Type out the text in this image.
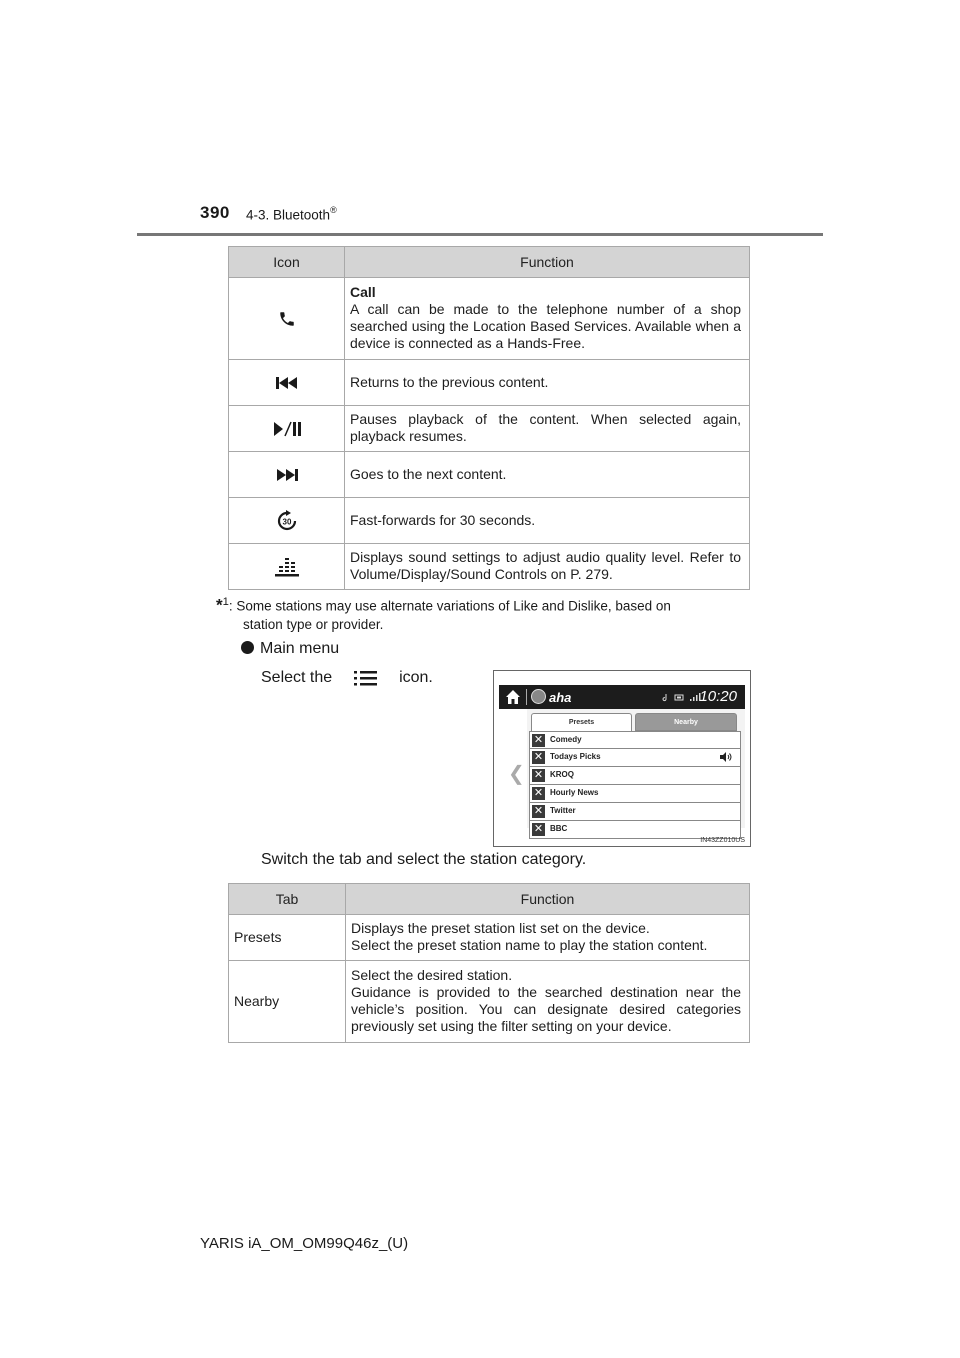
390 4-3. Bluetooth®
Icon	Function

Call
A call can be made to the telephone number of a shop searched using the Location Based Services. Available when a device is connected as a Hands-Free.

Returns to the previous content.

Pauses playback of the content. When selected again, playback resumes.

Goes to the next content.

30	Fast-forwards for 30 seconds.

Displays sound settings to adjust audio quality level. Refer to Volume/Display/Sound Controls on P. 279.
*$^1$: Some stations may use alternate variations of Like and Dislike, based on
station type or provider.
Main menu
Select the	icon.
aha	10:20
❮
Presets	Nearby
✕ Comedy
✕ Todays Picks
✕ KROQ
✕ Hourly News
✕ Twitter
✕ BBC
IN43ZZ010US
Switch the tab and select the station category.
Tab	Function
Presets	Displays the preset station list set on the device.
Select the preset station name to play the station content.

Nearby	Select the desired station.
Guidance is provided to the searched destination near the vehicle’s position. You can designate desired categories previously set using the filter setting on your device.
YARIS iA_OM_OM99Q46z_(U)
